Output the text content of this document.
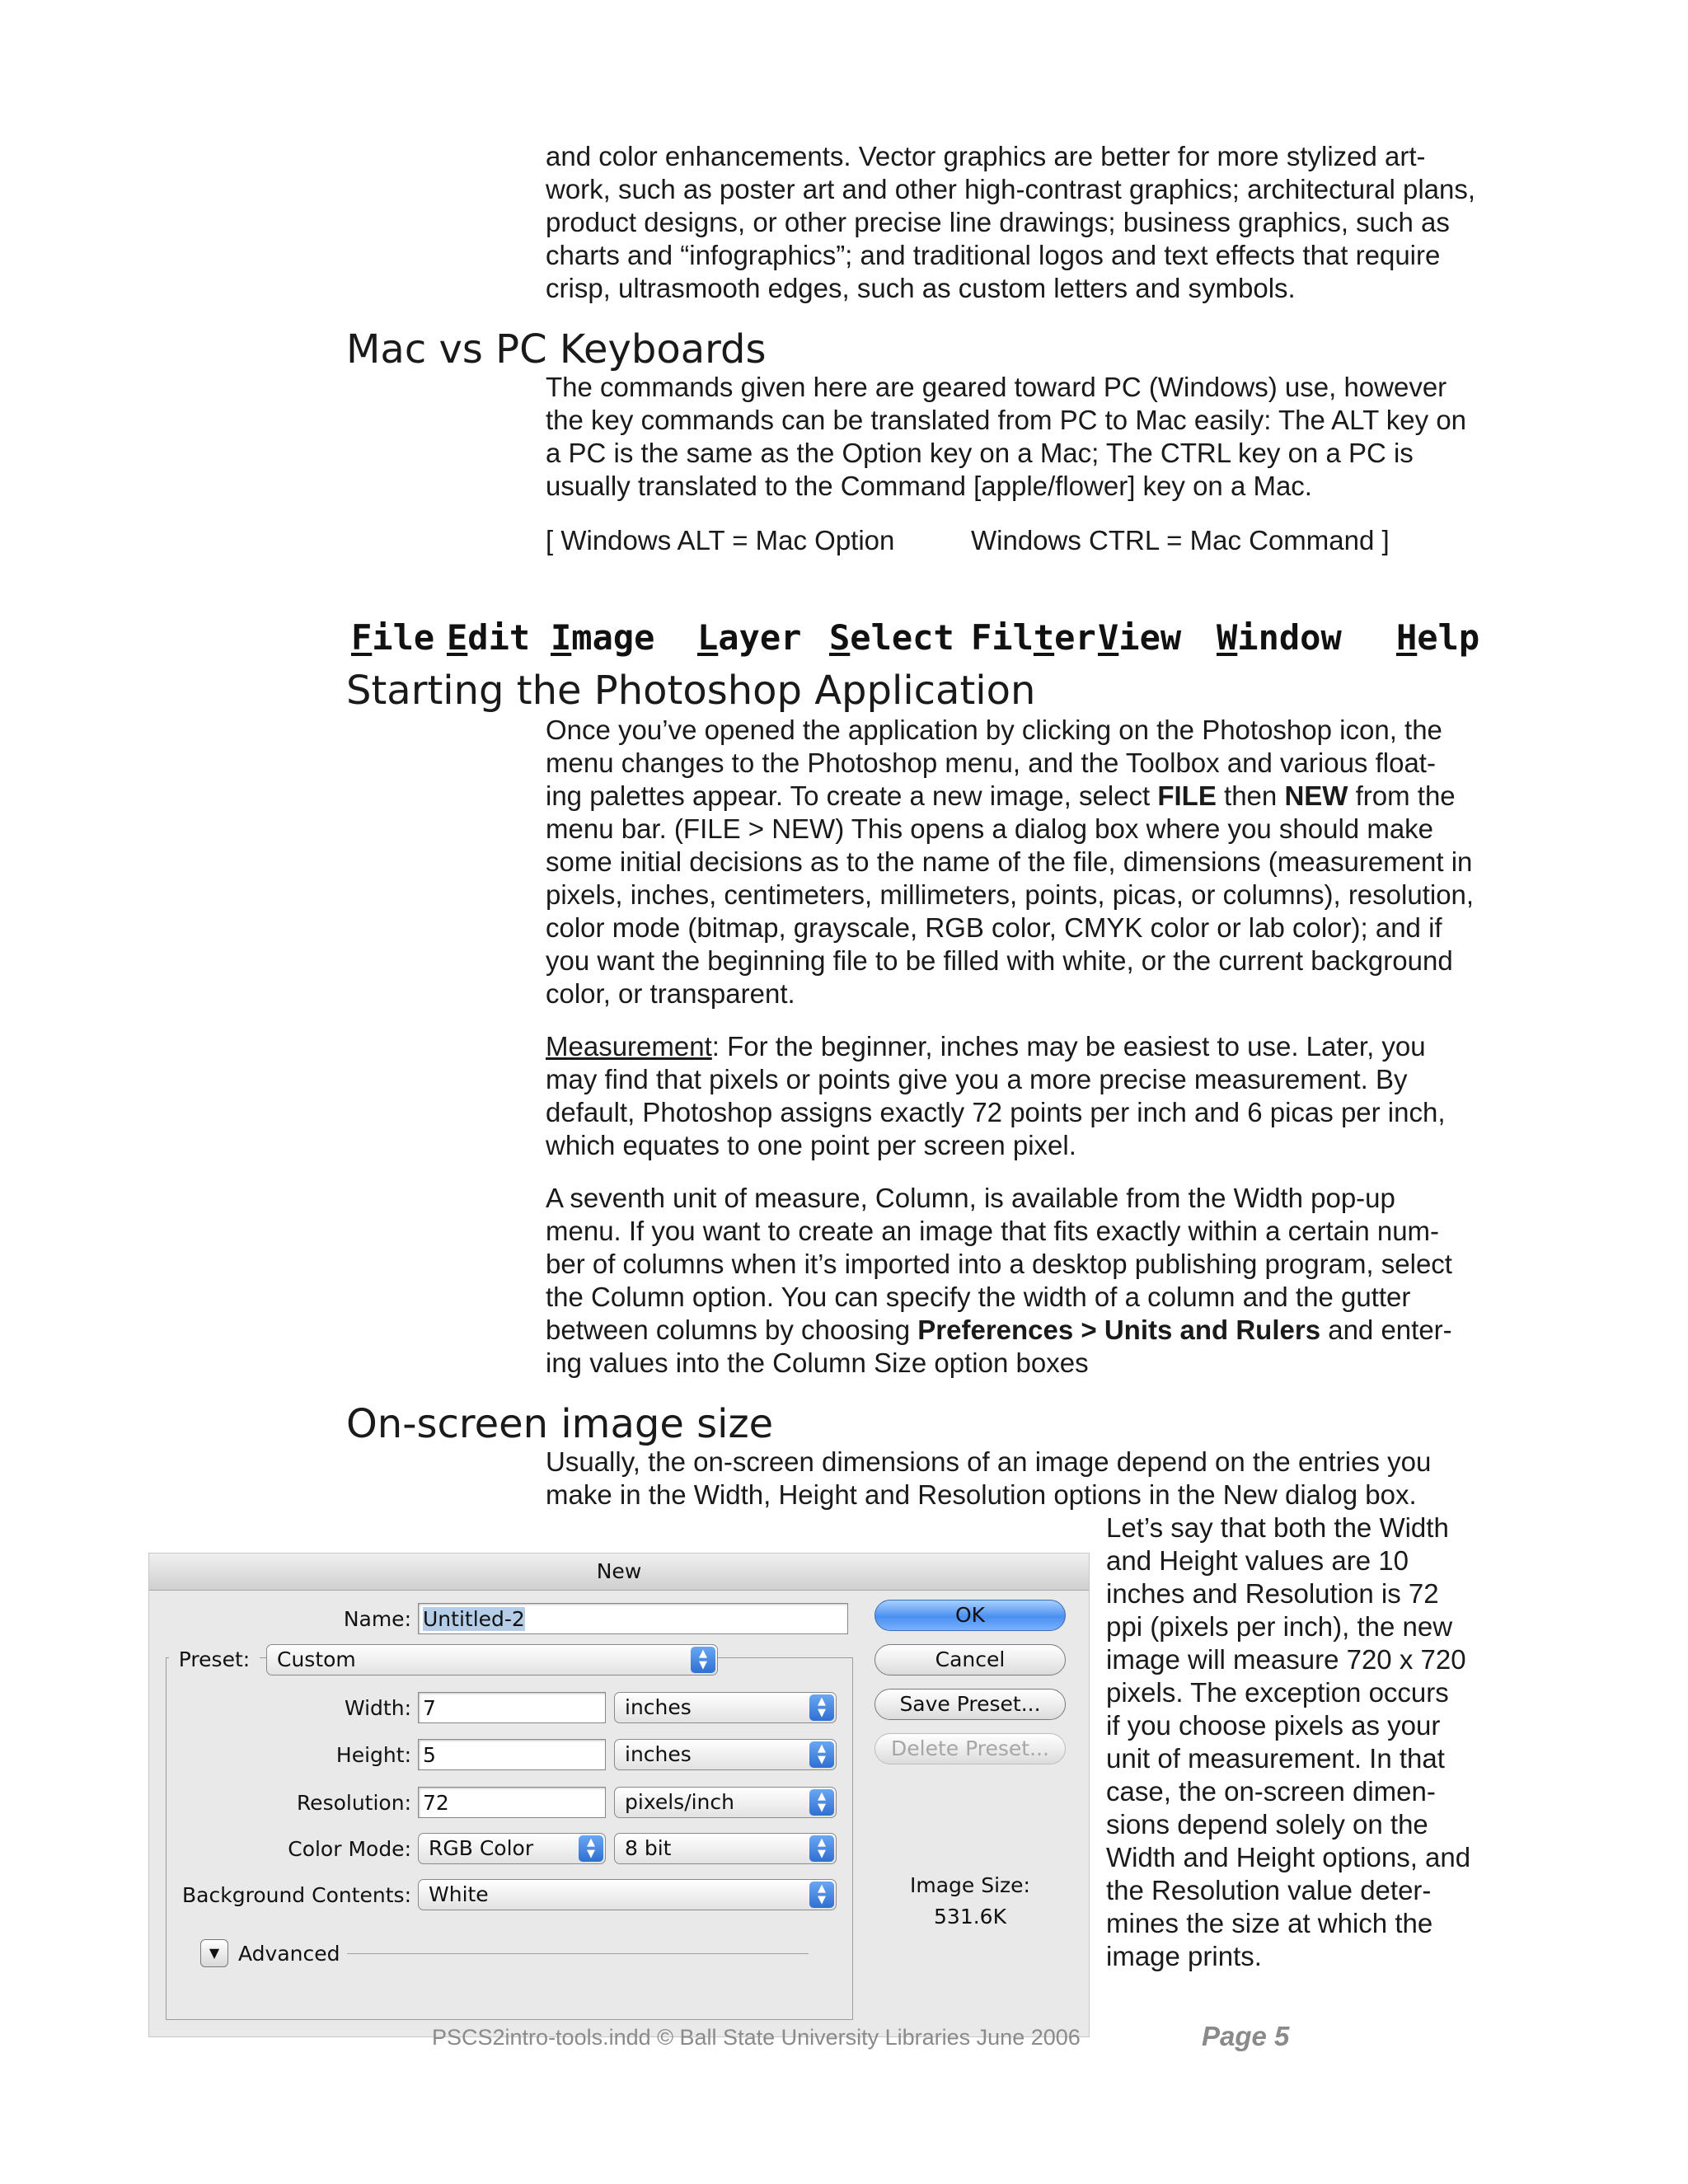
and color enhancements. Vector graphics are better for more stylized art-
work, such as poster art and other high-contrast graphics; architectural plans,
product designs, or other precise line drawings; business graphics, such as
charts and “infographics”; and traditional logos and text effects that require
crisp, ultrasmooth edges, such as custom letters and symbols.

Mac vs PC Keyboards

The commands given here are geared toward PC (Windows) use, however
the key commands can be translated from PC to Mac easily: The ALT key on
a PC is the same as the Option key on a Mac; The CTRL key on a PC is
usually translated to the Command [apple/flower] key on a Mac.

[ Windows ALT = Mac Option	Windows CTRL = Mac Command ]
File Edit Image Layer Select Filter View Window Help
Starting the Photoshop Application

Once you’ve opened the application by clicking on the Photoshop icon, the
menu changes to the Photoshop menu, and the Toolbox and various float-
ing palettes appear. To create a new image, select FILE then NEW from the
menu bar. (FILE > NEW) This opens a dialog box where you should make
some initial decisions as to the name of the file, dimensions (measurement in
pixels, inches, centimeters, millimeters, points, picas, or columns), resolution,
color mode (bitmap, grayscale, RGB color, CMYK color or lab color); and if
you want the beginning file to be filled with white, or the current background
color, or transparent.

Measurement: For the beginner, inches may be easiest to use. Later, you
may find that pixels or points give you a more precise measurement. By
default, Photoshop assigns exactly 72 points per inch and 6 picas per inch,
which equates to one point per screen pixel.

A seventh unit of measure, Column, is available from the Width pop-up
menu. If you want to create an image that fits exactly within a certain num-
ber of columns when it’s imported into a desktop publishing program, select
the Column option. You can specify the width of a column and the gutter
between columns by choosing Preferences > Units and Rulers and enter-
ing values into the Column Size option boxes

On-screen image size

Usually, the on-screen dimensions of an image depend on the entries you
make in the Width, Height and Resolution options in the New dialog box.

Let’s say that both the Width
and Height values are 10
inches and Resolution is 72
ppi (pixels per inch), the new
image will measure 720 x 720
pixels. The exception occurs
if you choose pixels as your
unit of measurement. In that
case, the on-screen dimen-
sions depend solely on the
Width and Height options, and
the Resolution value deter-
mines the size at which the
image prints.

New
Name: Untitled-2
Preset:	Custom	▲
▼
Width: 7	inches	▲
▼
Height: 5	inches	▲
▼
Resolution: 72	pixels/inch	▲
▼
Color Mode: RGB Color	▲
▼	8 bit	▲
▼
Background Contents: White	▲
▼
▼ Advanced
OK
Cancel
Save Preset...
Delete Preset...
Image Size:
531.6K
PSCS2intro-tools.indd © Ball State University Libraries June 2006	Page 5
